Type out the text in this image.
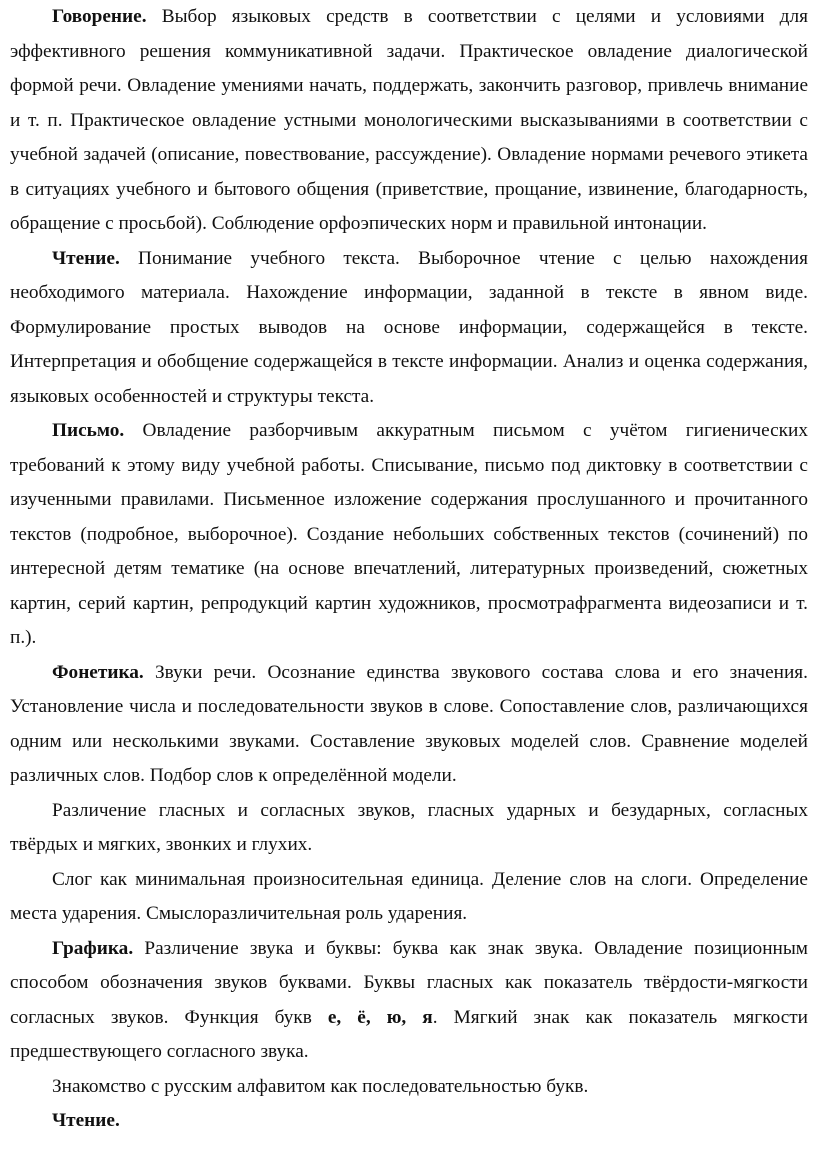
Говорение. Выбор языковых средств в соответствии с целями и условиями для эффективного решения коммуникативной задачи. Практическое овладение диалогической формой речи. Овладение умениями начать, поддержать, закончить разговор, привлечь внимание и т. п. Практическое овладение устными монологическими высказываниями в соответствии с учебной задачей (описание, повествование, рассуждение). Овладение нормами речевого этикета в ситуациях учебного и бытового общения (приветствие, прощание, извинение, благодарность, обращение с просьбой). Соблюдение орфоэпических норм и правильной интонации.

Чтение. Понимание учебного текста. Выборочное чтение с целью нахождения необходимого материала. Нахождение информации, заданной в тексте в явном виде. Формулирование простых выводов на основе информации, содержащейся в тексте. Интерпретация и обобщение содержащейся в тексте информации. Анализ и оценка содержания, языковых особенностей и структуры текста.

Письмо. Овладение разборчивым аккуратным письмом с учётом гигиенических требований к этому виду учебной работы. Списывание, письмо под диктовку в соответствии с изученными правилами. Письменное изложение содержания прослушанного и прочитанного текстов (подробное, выборочное). Создание небольших собственных текстов (сочинений) по интересной детям тематике (на основе впечатлений, литературных произведений, сюжетных картин, серий картин, репродукций картин художников, просмотрафрагмента видеозаписи и т. п.).

Фонетика. Звуки речи. Осознание единства звукового состава слова и его значения. Установление числа и последовательности звуков в слове. Сопоставление слов, различающихся одним или несколькими звуками. Составление звуковых моделей слов. Сравнение моделей различных слов. Подбор слов к определённой модели.

Различение гласных и согласных звуков, гласных ударных и безударных, согласных твёрдых и мягких, звонких и глухих.

Слог как минимальная произносительная единица. Деление слов на слоги. Определение места ударения. Смыслоразличительная роль ударения.

Графика. Различение звука и буквы: буква как знак звука. Овладение позиционным способом обозначения звуков буквами. Буквы гласных как показатель твёрдости-мягкости согласных звуков. Функция букв е, ё, ю, я. Мягкий знак как показатель мягкости предшествующего согласного звука.

Знакомство с русским алфавитом как последовательностью букв.

Чтение.
